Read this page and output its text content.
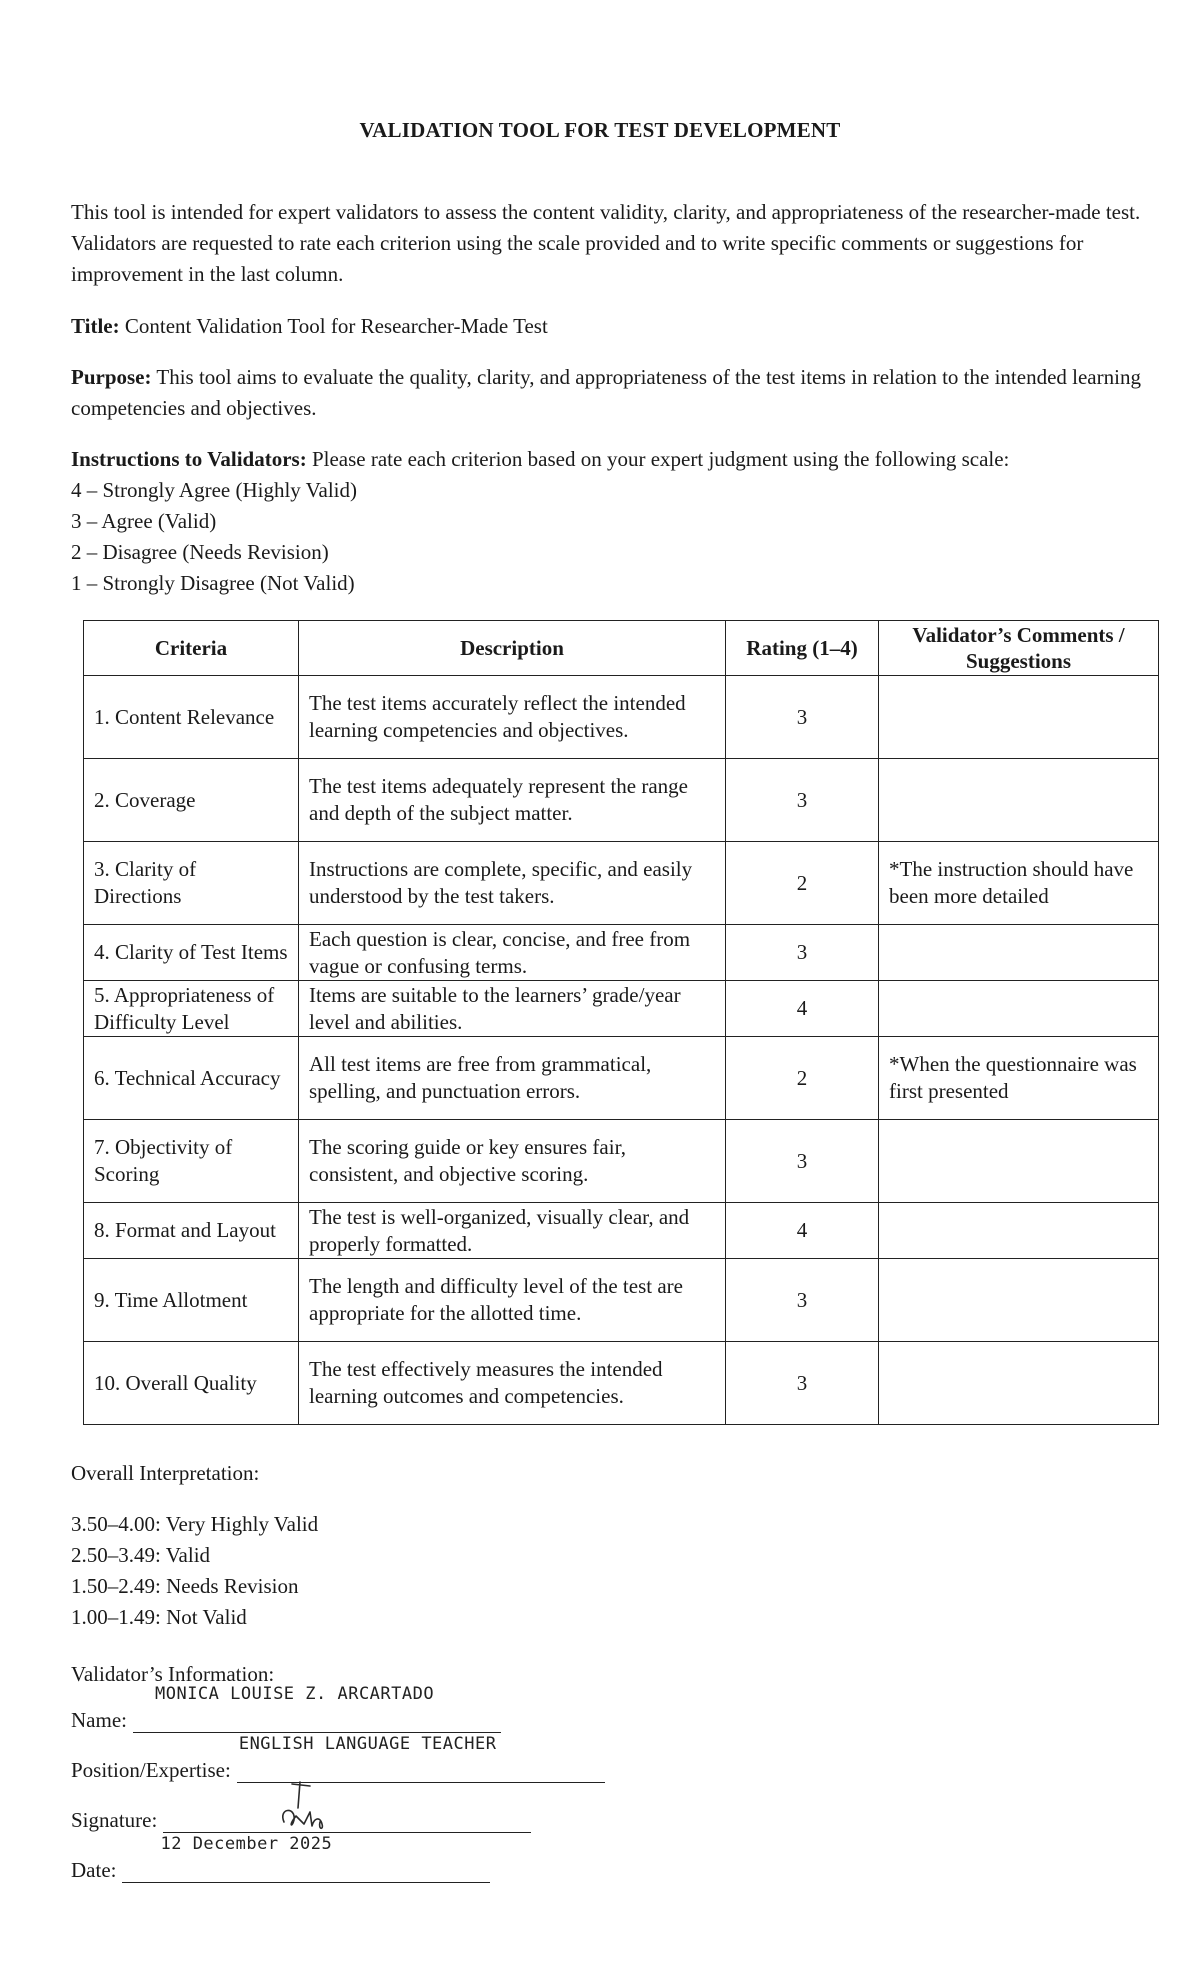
VALIDATION TOOL FOR TEST DEVELOPMENT
This tool is intended for expert validators to assess the content validity, clarity, and appropriateness of the researcher-made test. Validators are requested to rate each criterion using the scale provided and to write specific comments or suggestions for improvement in the last column.
Title: Content Validation Tool for Researcher-Made Test
Purpose: This tool aims to evaluate the quality, clarity, and appropriateness of the test items in relation to the intended learning competencies and objectives.
Instructions to Validators: Please rate each criterion based on your expert judgment using the following scale:
4 – Strongly Agree (Highly Valid)
3 – Agree (Valid)
2 – Disagree (Needs Revision)
1 – Strongly Disagree (Not Valid)
Criteria	Description	Rating (1–4)	Validator’s Comments / Suggestions
1. Content Relevance	The test items accurately reflect the intended learning competencies and objectives.	3	
2. Coverage	The test items adequately represent the range and depth of the subject matter.	3	
3. Clarity of Directions	Instructions are complete, specific, and easily understood by the test takers.	2	*The instruction should have been more detailed
4. Clarity of Test Items	Each question is clear, concise, and free from vague or confusing terms.	3	
5. Appropriateness of Difficulty Level	Items are suitable to the learners’ grade/year level and abilities.	4	
6. Technical Accuracy	All test items are free from grammatical, spelling, and punctuation errors.	2	*When the questionnaire was first presented
7. Objectivity of Scoring	The scoring guide or key ensures fair, consistent, and objective scoring.	3	
8. Format and Layout	The test is well-organized, visually clear, and properly formatted.	4	
9. Time Allotment	The length and difficulty level of the test are appropriate for the allotted time.	3	
10. Overall Quality	The test effectively measures the intended learning outcomes and competencies.	3	
Overall Interpretation:
3.50–4.00: Very Highly Valid
2.50–3.49: Valid
1.50–2.49: Needs Revision
1.00–1.49: Not Valid
Validator’s Information:
Name:
MONICA LOUISE Z. ARCARTADO
Position/Expertise:
ENGLISH LANGUAGE TEACHER
Signature:
Date:
12 December 2025
